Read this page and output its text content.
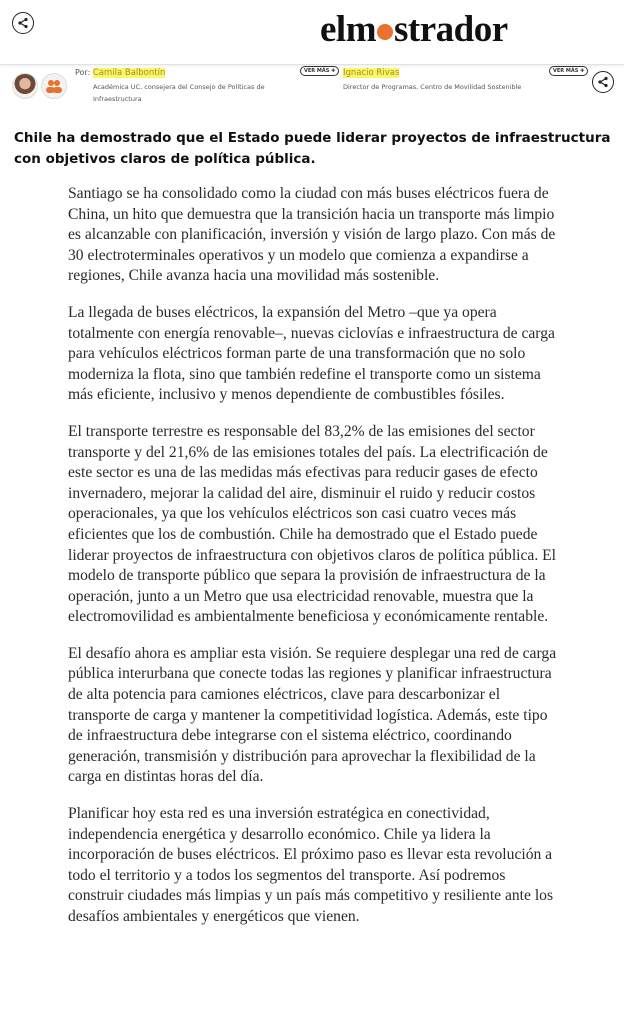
elm strador
Por: Camila Balbontín
Académica UC, consejera del Consejo de Políticas de Infraestructura
VER MÁS ✚ Ignacio Rivas
Director de Programas, Centro de Movilidad Sostenible
VER MÁS ✚
Chile ha demostrado que el Estado puede liderar proyectos de infraestructura con objetivos claros de política pública.

Santiago se ha consolidado como la ciudad con más buses eléctricos fuera de China, un hito que demuestra que la transición hacia un transporte más limpio es alcanzable con planificación, inversión y visión de largo plazo. Con más de 30 electroterminales operativos y un modelo que comienza a expandirse a regiones, Chile avanza hacia una movilidad más sostenible.

La llegada de buses eléctricos, la expansión del Metro –que ya opera totalmente con energía renovable–, nuevas ciclovías e infraestructura de carga para vehículos eléctricos forman parte de una transformación que no solo moderniza la flota, sino que también redefine el transporte como un sistema más eficiente, inclusivo y menos dependiente de combustibles fósiles.

El transporte terrestre es responsable del 83,2% de las emisiones del sector transporte y del 21,6% de las emisiones totales del país. La electrificación de este sector es una de las medidas más efectivas para reducir gases de efecto invernadero, mejorar la calidad del aire, disminuir el ruido y reducir costos operacionales, ya que los vehículos eléctricos son casi cuatro veces más eficientes que los de combustión. Chile ha demostrado que el Estado puede liderar proyectos de infraestructura con objetivos claros de política pública. El modelo de transporte público que separa la provisión de infraestructura de la operación, junto a un Metro que usa electricidad renovable, muestra que la electromovilidad es ambientalmente beneficiosa y económicamente rentable.

El desafío ahora es ampliar esta visión. Se requiere desplegar una red de carga pública interurbana que conecte todas las regiones y planificar infraestructura de alta potencia para camiones eléctricos, clave para descarbonizar el transporte de carga y mantener la competitividad logística. Además, este tipo de infraestructura debe integrarse con el sistema eléctrico, coordinando generación, transmisión y distribución para aprovechar la flexibilidad de la carga en distintas horas del día.

Planificar hoy esta red es una inversión estratégica en conectividad, independencia energética y desarrollo económico. Chile ya lidera la incorporación de buses eléctricos. El próximo paso es llevar esta revolución a todo el territorio y a todos los segmentos del transporte. Así podremos construir ciudades más limpias y un país más competitivo y resiliente ante los desafíos ambientales y energéticos que vienen.
